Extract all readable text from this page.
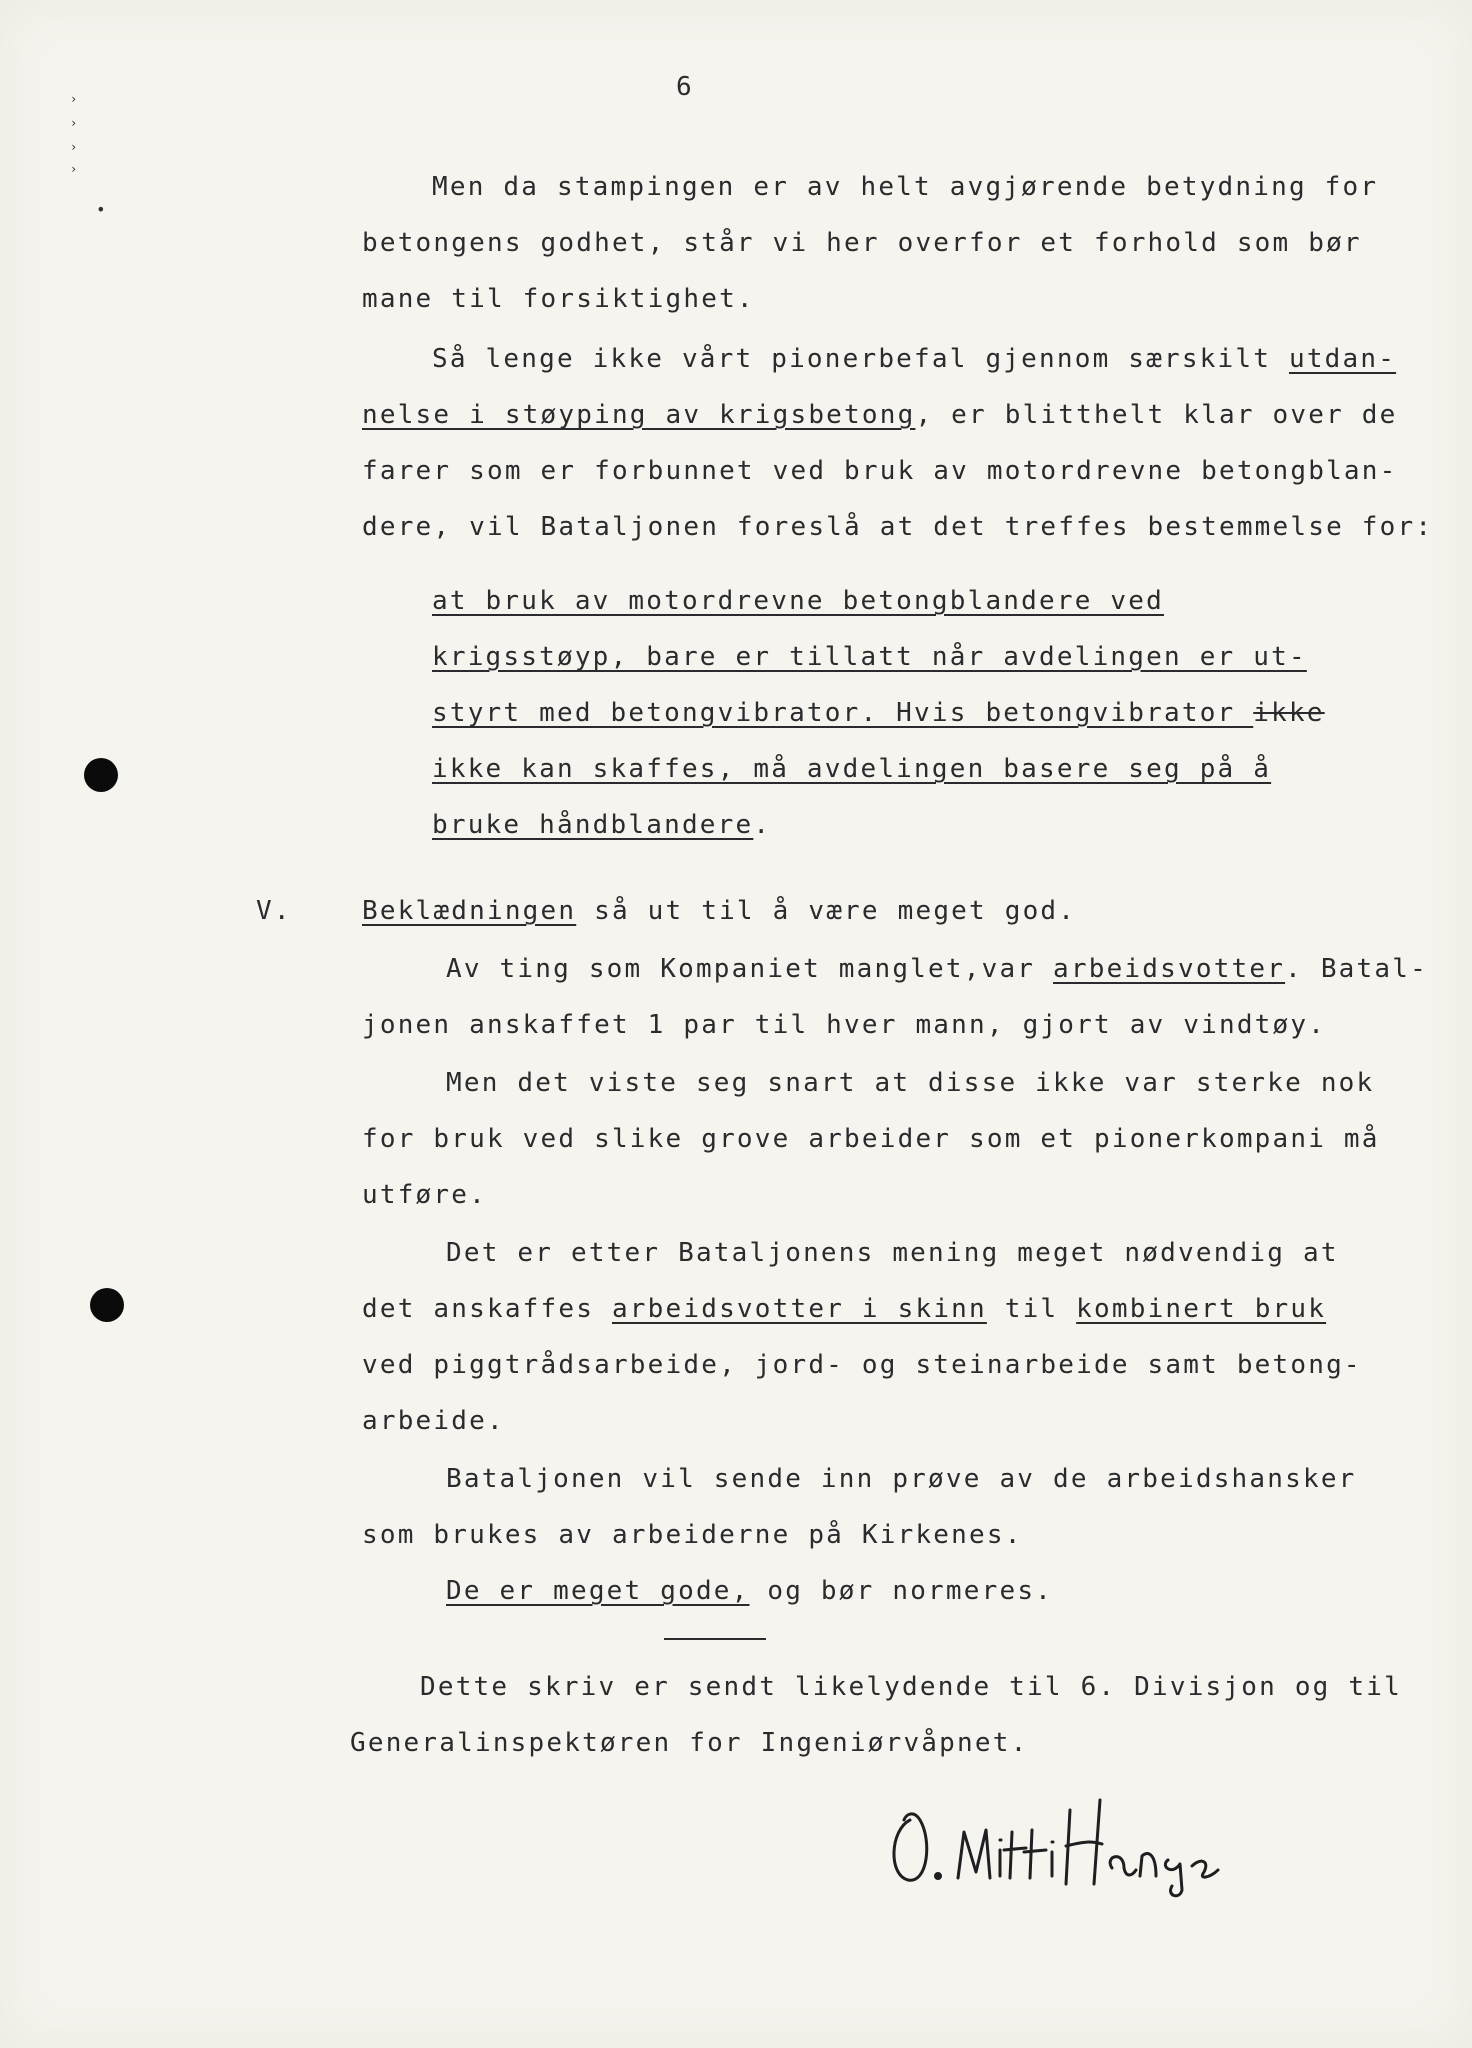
›
›
›
›
•
6
Men da stampingen er av helt avgjørende betydning for
betongens godhet, står vi her overfor et forhold som bør
mane til forsiktighet.
Så lenge ikke vårt pionerbefal gjennom særskilt utdan-
nelse i støyping av krigsbetong, er blitthelt klar over de
farer som er forbunnet ved bruk av motordrevne betongblan-
dere, vil Bataljonen foreslå at det treffes bestemmelse for:
at bruk av motordrevne betongblandere ved
krigsstøyp, bare er tillatt når avdelingen er ut-
styrt med betongvibrator. Hvis betongvibrator ikke
ikke kan skaffes, må avdelingen basere seg på å
bruke håndblandere.
V.	Beklædningen så ut til å være meget god.
Av ting som Kompaniet manglet,var arbeidsvotter. Batal-
jonen anskaffet 1 par til hver mann, gjort av vindtøy.
Men det viste seg snart at disse ikke var sterke nok
for bruk ved slike grove arbeider som et pionerkompani må
utføre.
Det er etter Bataljonens mening meget nødvendig at
det anskaffes arbeidsvotter i skinn til kombinert bruk
ved piggtrådsarbeide, jord- og steinarbeide samt betong-
arbeide.
Bataljonen vil sende inn prøve av de arbeidshansker
som brukes av arbeiderne på Kirkenes.
De er meget gode, og bør normeres.
Dette skriv er sendt likelydende til 6. Divisjon og til
Generalinspektøren for Ingeniørvåpnet.
